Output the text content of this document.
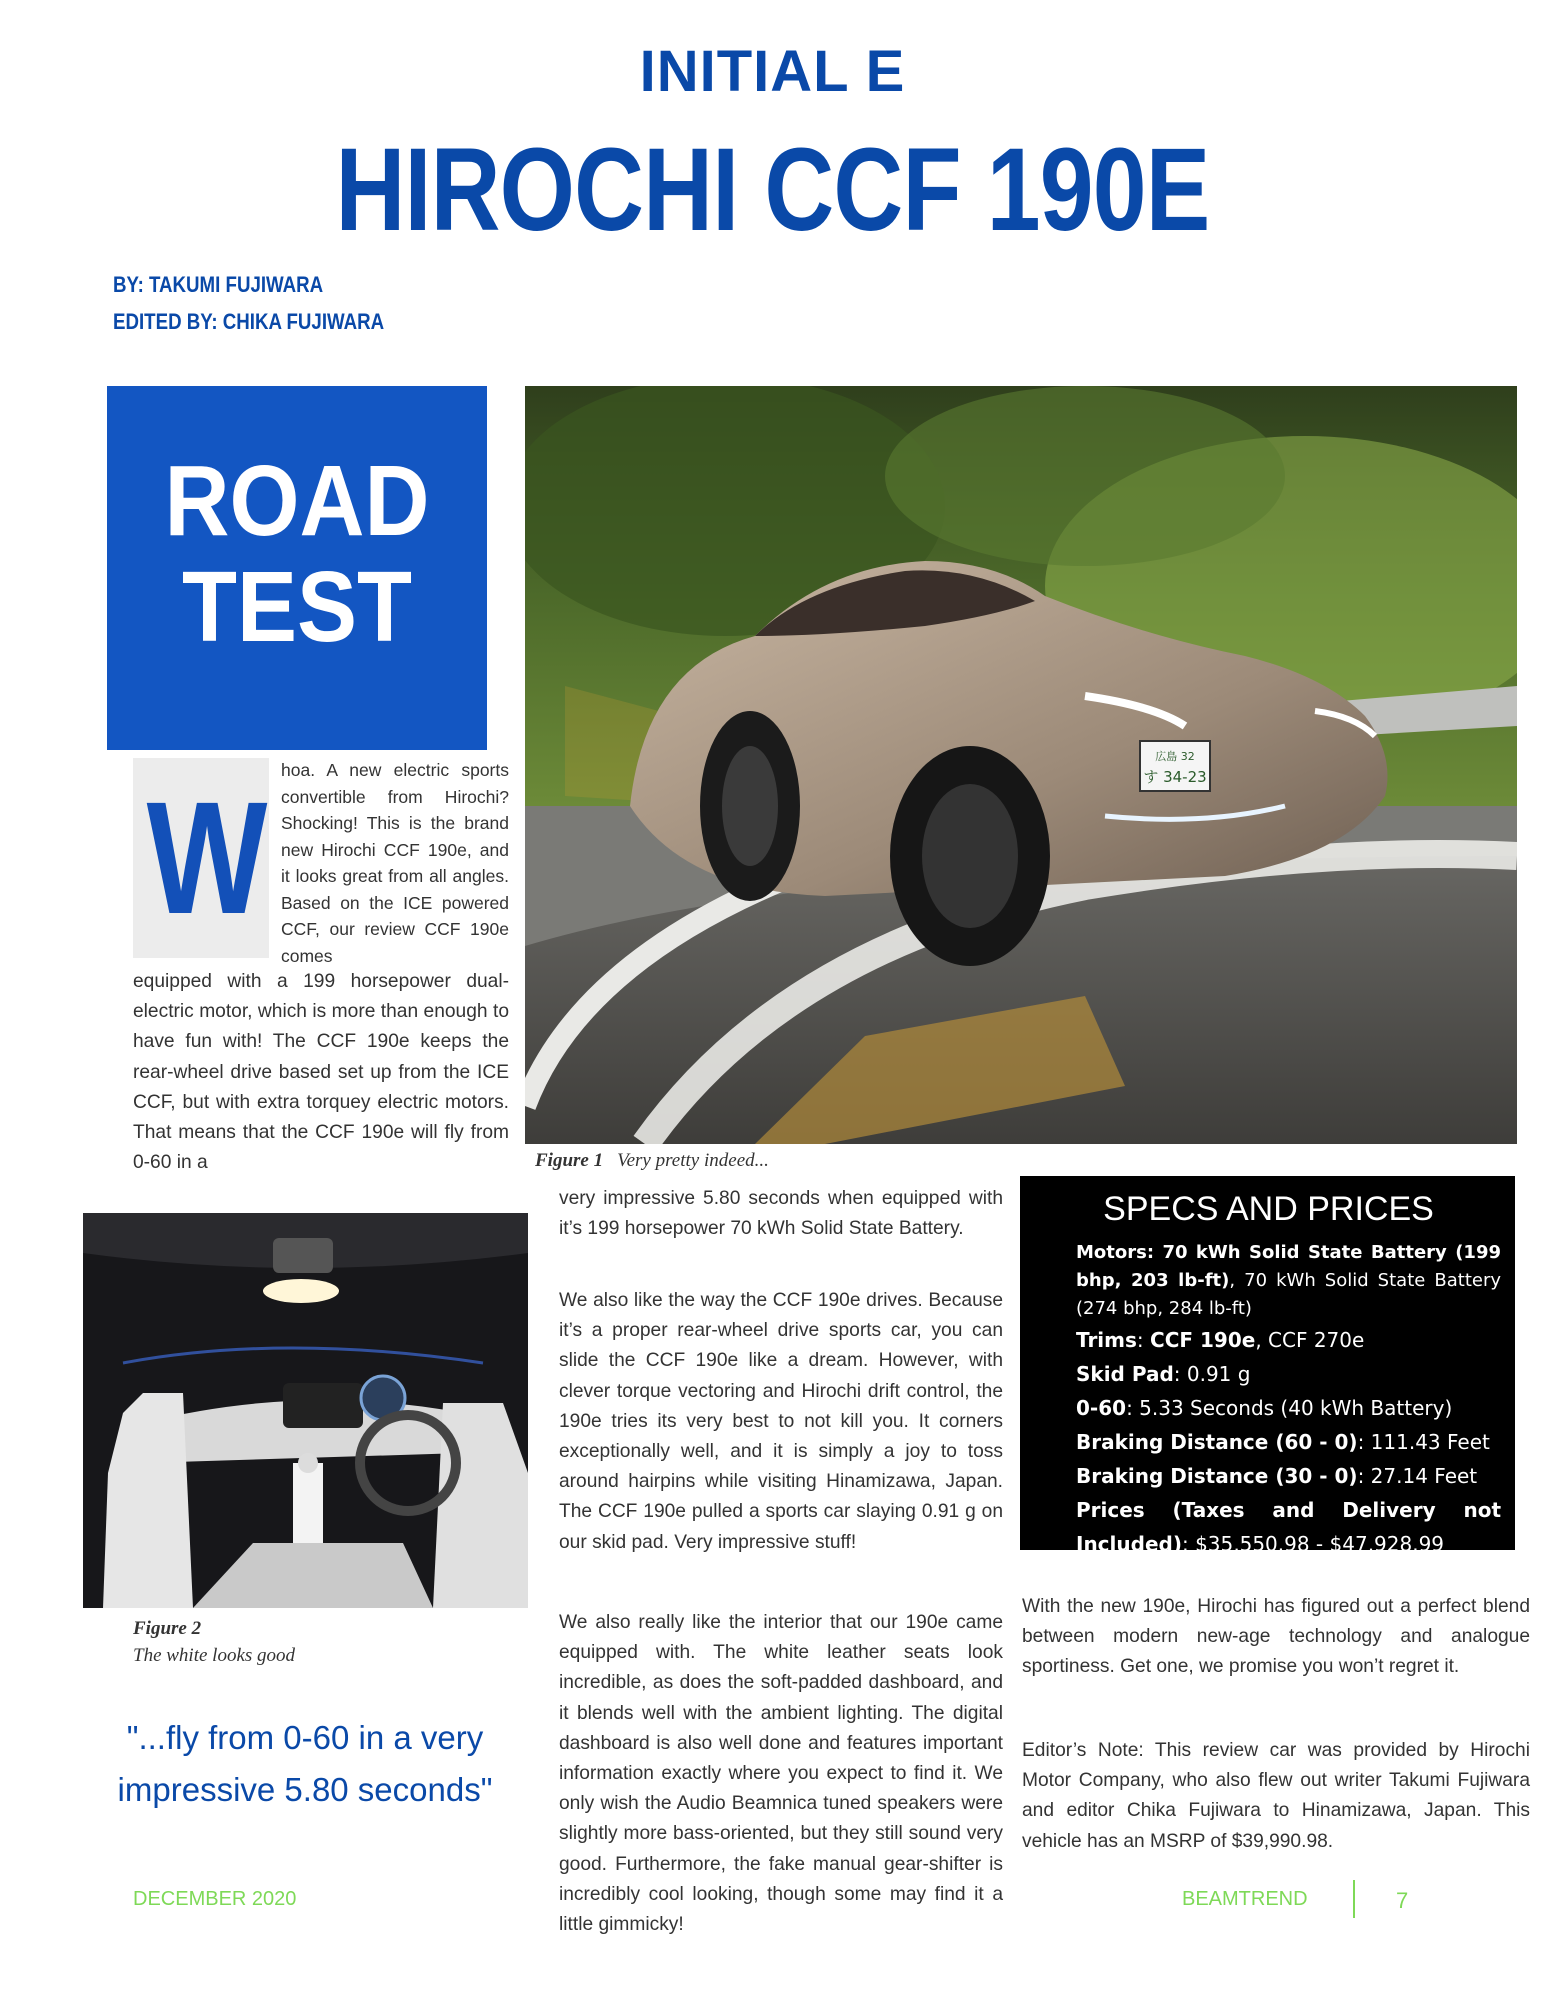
INITIAL E
HIROCHI CCF 190E
BY: TAKUMI FUJIWARA
EDITED BY: CHIKA FUJIWARA
ROAD
TEST
広島 32
す 34-23
Figure 1 Very pretty indeed...
W hoa. A new electric sports convertible from Hirochi? Shocking! This is the brand new Hirochi CCF 190e, and it looks great from all angles. Based on the ICE powered CCF, our review CCF 190e comes
equipped with a 199 horsepower dual-electric motor, which is more than enough to have fun with! The CCF 190e keeps the rear-wheel drive based set up from the ICE CCF, but with extra torquey electric motors. That means that the CCF 190e will fly from 0-60 in a
Figure 2
The white looks good
"...fly from 0-60 in a very impressive 5.80 seconds"
very impressive 5.80 seconds when equipped with it’s 199 horsepower 70 kWh Solid State Battery.
We also like the way the CCF 190e drives. Because it’s a proper rear-wheel drive sports car, you can slide the CCF 190e like a dream. However, with clever torque vectoring and Hirochi drift control, the 190e tries its very best to not kill you. It corners exceptionally well, and it is simply a joy to toss around hairpins while visiting Hinamizawa, Japan. The CCF 190e pulled a sports car slaying 0.91 g on our skid pad. Very impressive stuff!
We also really like the interior that our 190e came equipped with. The white leather seats look incredible, as does the soft-padded dashboard, and it blends well with the ambient lighting. The digital dashboard is also well done and features important information exactly where you expect to find it. We only wish the Audio Beamnica tuned speakers were slightly more bass-oriented, but they still sound very good. Furthermore, the fake manual gear-shifter is incredibly cool looking, though some may find it a little gimmicky!
SPECS AND PRICES
Motors: 70 kWh Solid State Battery (199 bhp, 203 lb-ft), 70 kWh Solid State Battery (274 bhp, 284 lb-ft)
Trims: CCF 190e, CCF 270e
Skid Pad: 0.91 g
0-60: 5.33 Seconds (40 kWh Battery)
Braking Distance (60 - 0): 111.43 Feet
Braking Distance (30 - 0): 27.14 Feet
Prices (Taxes and Delivery not Included): $35,550.98 - $47,928.99
With the new 190e, Hirochi has figured out a perfect blend between modern new-age technology and analogue sportiness. Get one, we promise you won’t regret it.
Editor’s Note: This review car was provided by Hirochi Motor Company, who also flew out writer Takumi Fujiwara and editor Chika Fujiwara to Hinamizawa, Japan. This vehicle has an MSRP of $39,990.98.
DECEMBER 2020	BEAMTREND	7
